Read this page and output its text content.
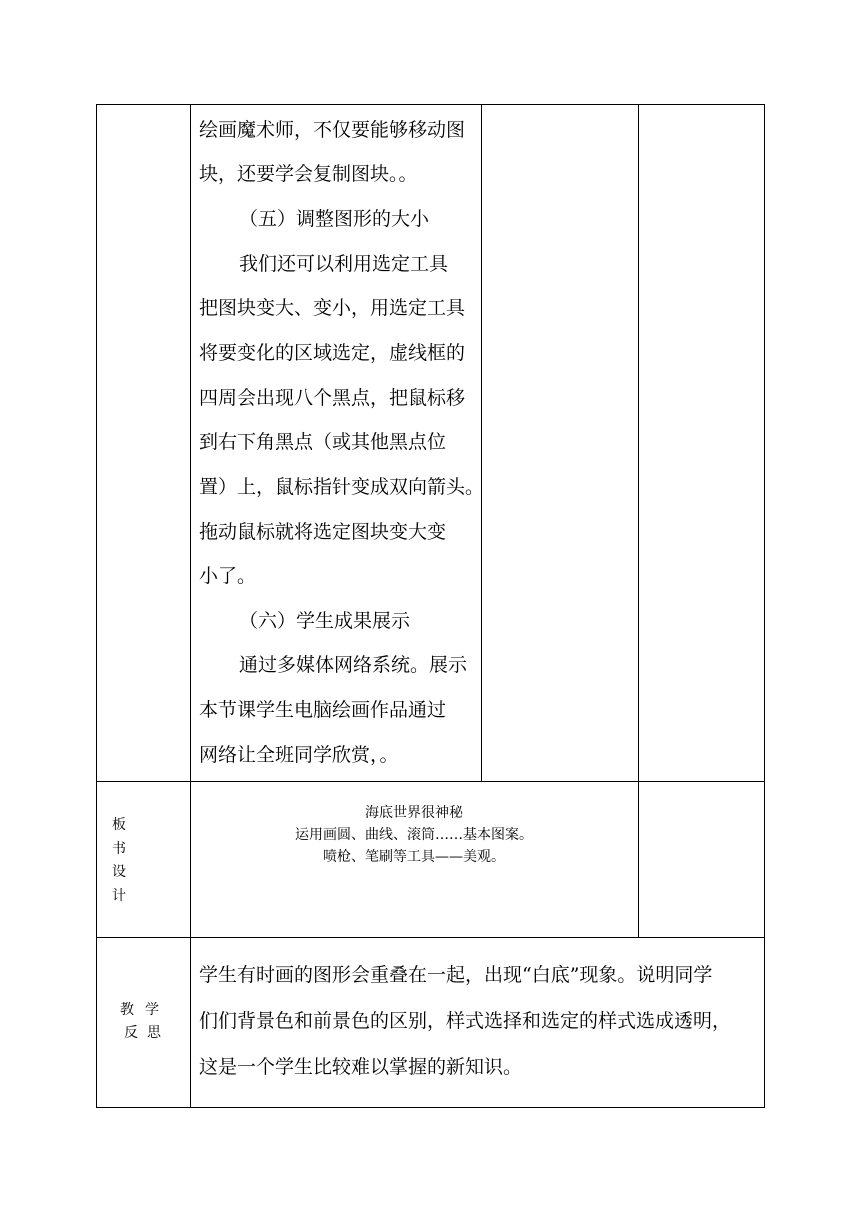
绘画魔术师，不仅要能够移动图
块，还要学会复制图块。。
（五）调整图形的大小
我们还可以利用选定工具
把图块变大、变小，用选定工具
将要变化的区域选定，虚线框的
四周会出现八个黑点，把鼠标移
到右下角黑点（或其他黑点位
置）上，鼠标指针变成双向箭头。
拖动鼠标就将选定图块变大变
小了。
（六）学生成果展示
通过多媒体网络系统。展示
本节课学生电脑绘画作品通过
网络让全班同学欣赏，。
板
书
设
计
海底世界很神秘
运用画圆、曲线、滚筒……基本图案。
喷枪、笔刷等工具——美观。
教 学
反 思
学生有时画的图形会重叠在一起，出现“白底”现象。说明同学
们们背景色和前景色的区别，样式选择和选定的样式选成透明，
这是一个学生比较难以掌握的新知识。
